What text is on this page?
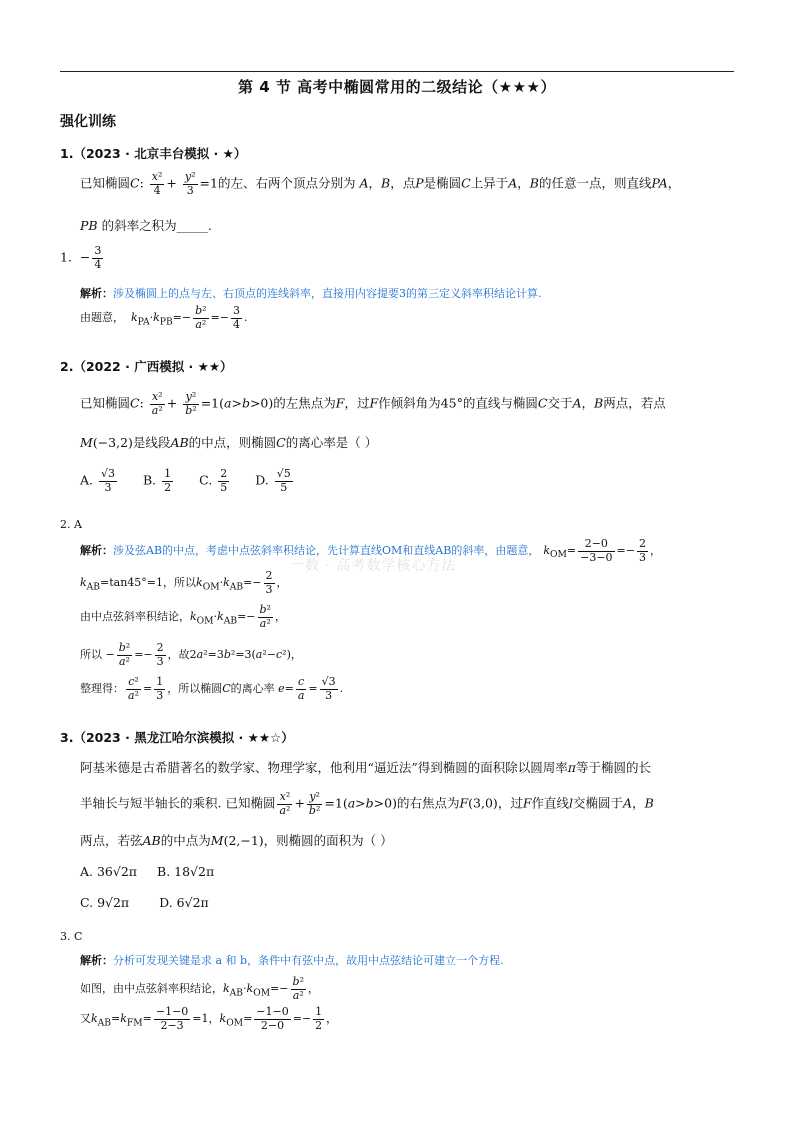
第 4 节 高考中椭圆常用的二级结论（★★★）
强化训练
1.（2023 · 北京丰台模拟 · ★）
已知椭圆C: $\frac{\text{x²}}{4} + \frac{\text{y²}}{3} =1$的左、右两个顶点分别为 A，B，点P是椭圆C上异于A，B的任意一点，则直线PA，
PB 的斜率之积为_____.
1.  − $\frac{3}{4}$
解析：涉及椭圆上的点与左、右顶点的连线斜率，直接用内容提要3的第三定义斜率积结论计算.
由题意， $k_{PA}\cdot k_{PB}=- \frac{\text{b²}}{\text{a²}} =- \frac{3}{4}$ .
2.（2022 · 广西模拟 · ★★）
已知椭圆C: $\frac{\text{x²}}{\text{a²}} + \frac{\text{y²}}{\text{b²}} =1(a>b>0)$的左焦点为F，过F作倾斜角为45°的直线与椭圆C交于A，B两点，若点
M(−3,2)是线段AB的中点，则椭圆C的离心率是（ ）
A. $\frac{√3}{3} B$. $\frac{1}{2} C$. $\frac{2}{5} D$. $\frac{√5}{5}$
2. A
解析：涉及弦AB的中点，考虑中点弦斜率积结论，先计算直线OM和直线AB的斜率，由题意， $k_{OM}= \frac{2-0}{-3-0} =- \frac{2}{3}$ ，
$k_{AB}=\tan 45^\circ=1$，所以$k_{OM}\cdot k_{AB}=- \frac{2}{3}$ ，
由中点弦斜率积结论，$k_{OM}\cdot k_{AB}=- \frac{\text{b²}}{\text{a²}}$ ，
所以 − $\frac{\text{b²}}{\text{a²}} =- \frac{2}{3}$ ，故2a²=3b²=3(a²−c²)，
整理得： $\frac{\text{c²}}{\text{a²}} = \frac{1}{3}$ ，所以椭圆C的离心率 $e= \frac{c}{a} = \frac{√3}{3}$ .
一数 · 高考数学核心方法
3.（2023 · 黑龙江哈尔滨模拟 · ★★☆）
阿基米德是古希腊著名的数学家、物理学家，他利用“逼近法”得到椭圆的面积除以圆周率π等于椭圆的长
半轴长与短半轴长的乘积. 已知椭圆 $\frac{\text{x²}}{\text{a²}} + \frac{\text{y²}}{\text{b²}} =1(a>b>0)$的右焦点为F(3,0)，过F作直线l交椭圆于A，B
两点，若弦AB的中点为M(2,−1)，则椭圆的面积为（ ）
A. 36√2π B. 18√2π
C. 9√2π D. 6√2π
3. C
解析：分析可发现关键是求 a 和 b，条件中有弦中点，故用中点弦结论可建立一个方程.
如图，由中点弦斜率积结论，$k_{AB}\cdot k_{OM}=- \frac{\text{b²}}{\text{a²}}$ ，
又$k_{AB}=k_{FM}= \frac{-1-0}{2-3} =1$，$k_{OM}= \frac{-1-0}{2-0} =- \frac{1}{2}$ ，
